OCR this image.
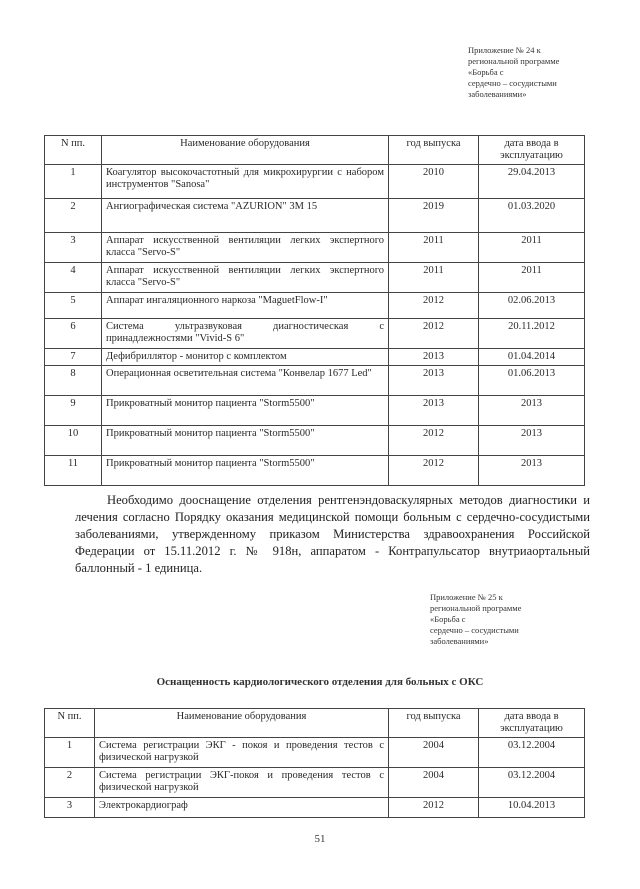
Приложение № 24 к
региональной программе
«Борьба с
сердечно – сосудистыми
заболеваниями»
N пп.	Наименование оборудования	год выпуска	дата ввода в эксплуатацию
1	Коагулятор высокочастотный для микрохирургии с набором инструментов "Sanosa"	2010	29.04.2013
2	Ангиографическая система "AZURION" 3М 15	2019	01.03.2020
3	Аппарат искусственной вентиляции легких экспертного класса "Servo-S"	2011	2011
4	Аппарат искусственной вентиляции легких экспертного класса "Servo-S"	2011	2011
5	Аппарат ингаляционного наркоза "MaguetFlow-I"	2012	02.06.2013
6	Система ультразвуковая диагностическая с принадлежностями "Vivid-S 6"	2012	20.11.2012
7	Дефибриллятор - монитор с комплектом	2013	01.04.2014
8	Операционная осветительная система "Конвелар 1677 Led"	2013	01.06.2013
9	Прикроватный монитор пациента "Storm5500"	2013	2013
10	Прикроватный монитор пациента "Storm5500"	2012	2013
11	Прикроватный монитор пациента "Storm5500"	2012	2013
Необходимо дооснащение отделения рентгенэндоваскулярных методов диагностики и лечения согласно Порядку оказания медицинской помощи больным с сердечно-сосудистыми заболеваниями, утвержденному приказом Министерства здравоохранения Российской Федерации от 15.11.2012 г. № 918н, аппаратом - Контрапульсатор внутриаортальный баллонный - 1 единица.
Приложение № 25 к
региональной программе
«Борьба с
сердечно – сосудистыми
заболеваниями»
Оснащенность кардиологического отделения для больных с ОКС
N пп.	Наименование оборудования	год выпуска	дата ввода в эксплуатацию
1	Система регистрации ЭКГ - покоя и проведения тестов с физической нагрузкой	2004	03.12.2004
2	Система регистрации ЭКГ-покоя и проведения тестов с физической нагрузкой	2004	03.12.2004
3	Электрокардиограф	2012	10.04.2013
51
